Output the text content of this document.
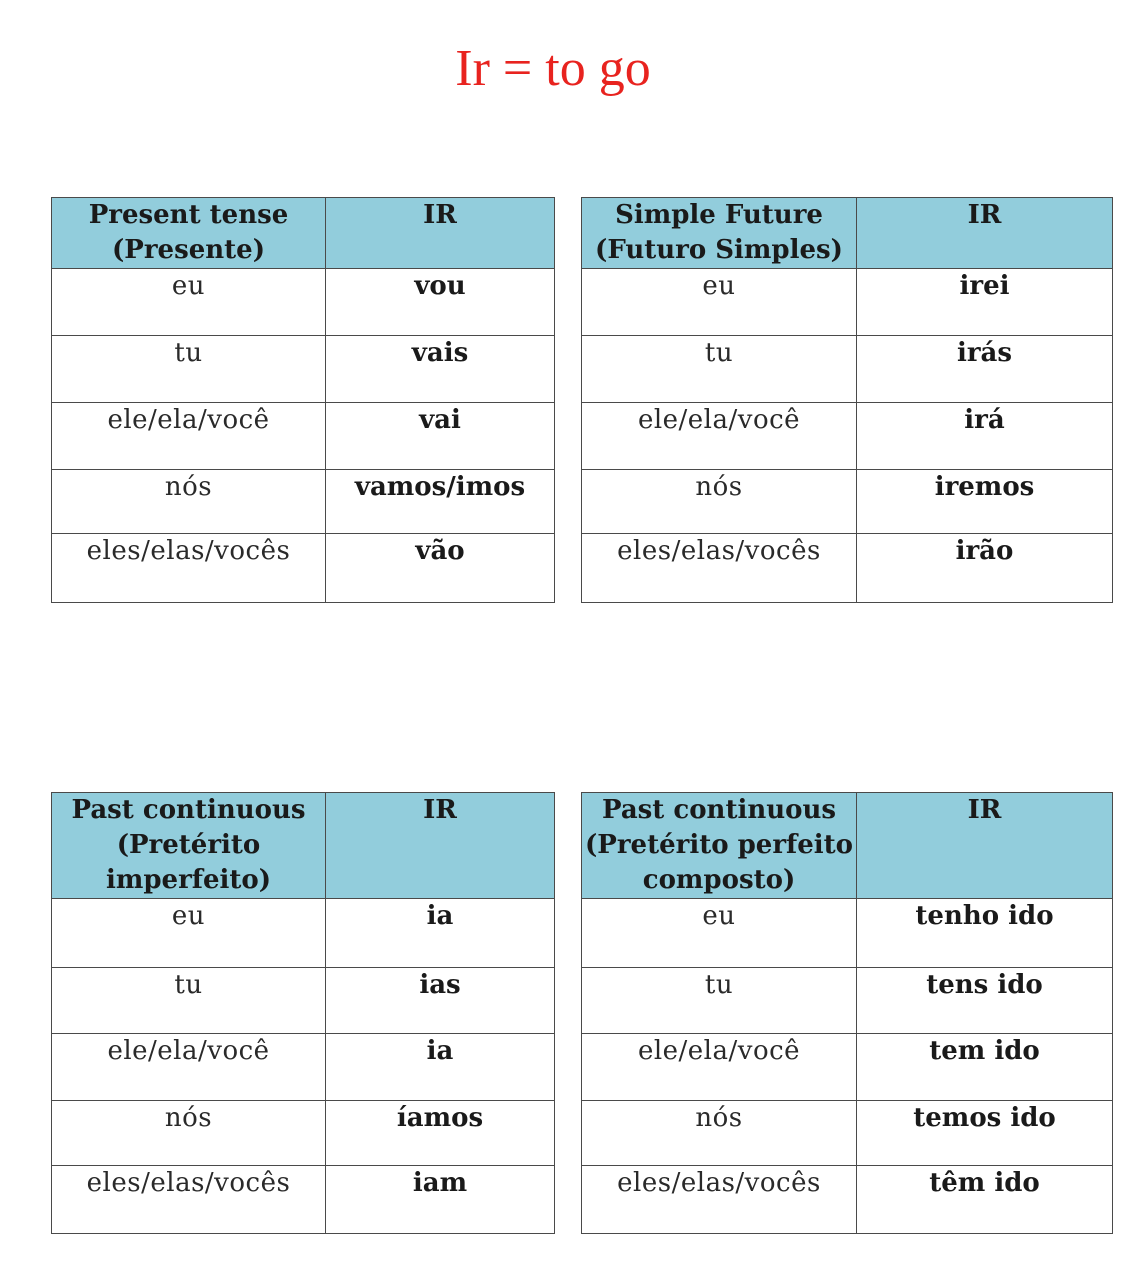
Ir = to go
Present tense (Presente)	IR
eu	vou
tu	vais
ele/ela/você	vai
nós	vamos/imos
eles/elas/vocês	vão
Simple Future (Futuro Simples)	IR
eu	irei
tu	irás
ele/ela/você	irá
nós	iremos
eles/elas/vocês	irão
Past continuous (Pretérito imperfeito)	IR
eu	ia
tu	ias
ele/ela/você	ia
nós	íamos
eles/elas/vocês	iam
Past continuous (Pretérito perfeito composto)	IR
eu	tenho ido
tu	tens ido
ele/ela/você	tem ido
nós	temos ido
eles/elas/vocês	têm ido
